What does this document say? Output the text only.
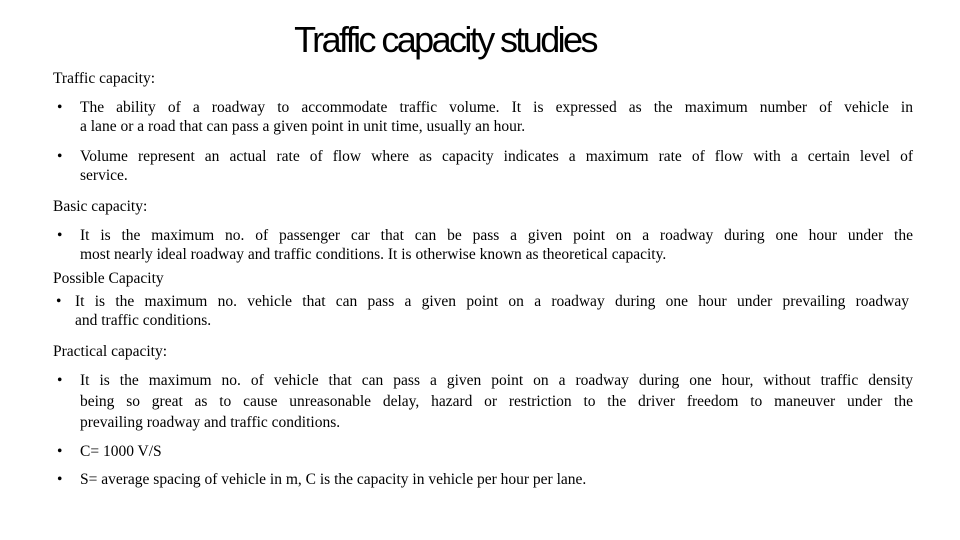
Traffic capacity studies
Traffic capacity:
• The ability of a roadway to accommodate traffic volume. It is expressed as the maximum number of vehicle in
a lane or a road that can pass a given point in unit time, usually an hour.
• Volume represent an actual rate of flow where as capacity indicates a maximum rate of flow with a certain level of
service.
Basic capacity:
• It is the maximum no. of passenger car that can be pass a given point on a roadway during one hour under the
most nearly ideal roadway and traffic conditions. It is otherwise known as theoretical capacity.
Possible Capacity
• It is the maximum no. vehicle that can pass a given point on a roadway during one hour under prevailing roadway
and traffic conditions.
Practical capacity:
• It is the maximum no. of vehicle that can pass a given point on a roadway during one hour, without traffic density
being so great as to cause unreasonable delay, hazard or restriction to the driver freedom to maneuver under the
prevailing roadway and traffic conditions.
• C= 1000 V/S
• S= average spacing of vehicle in m, C is the capacity in vehicle per hour per lane.
